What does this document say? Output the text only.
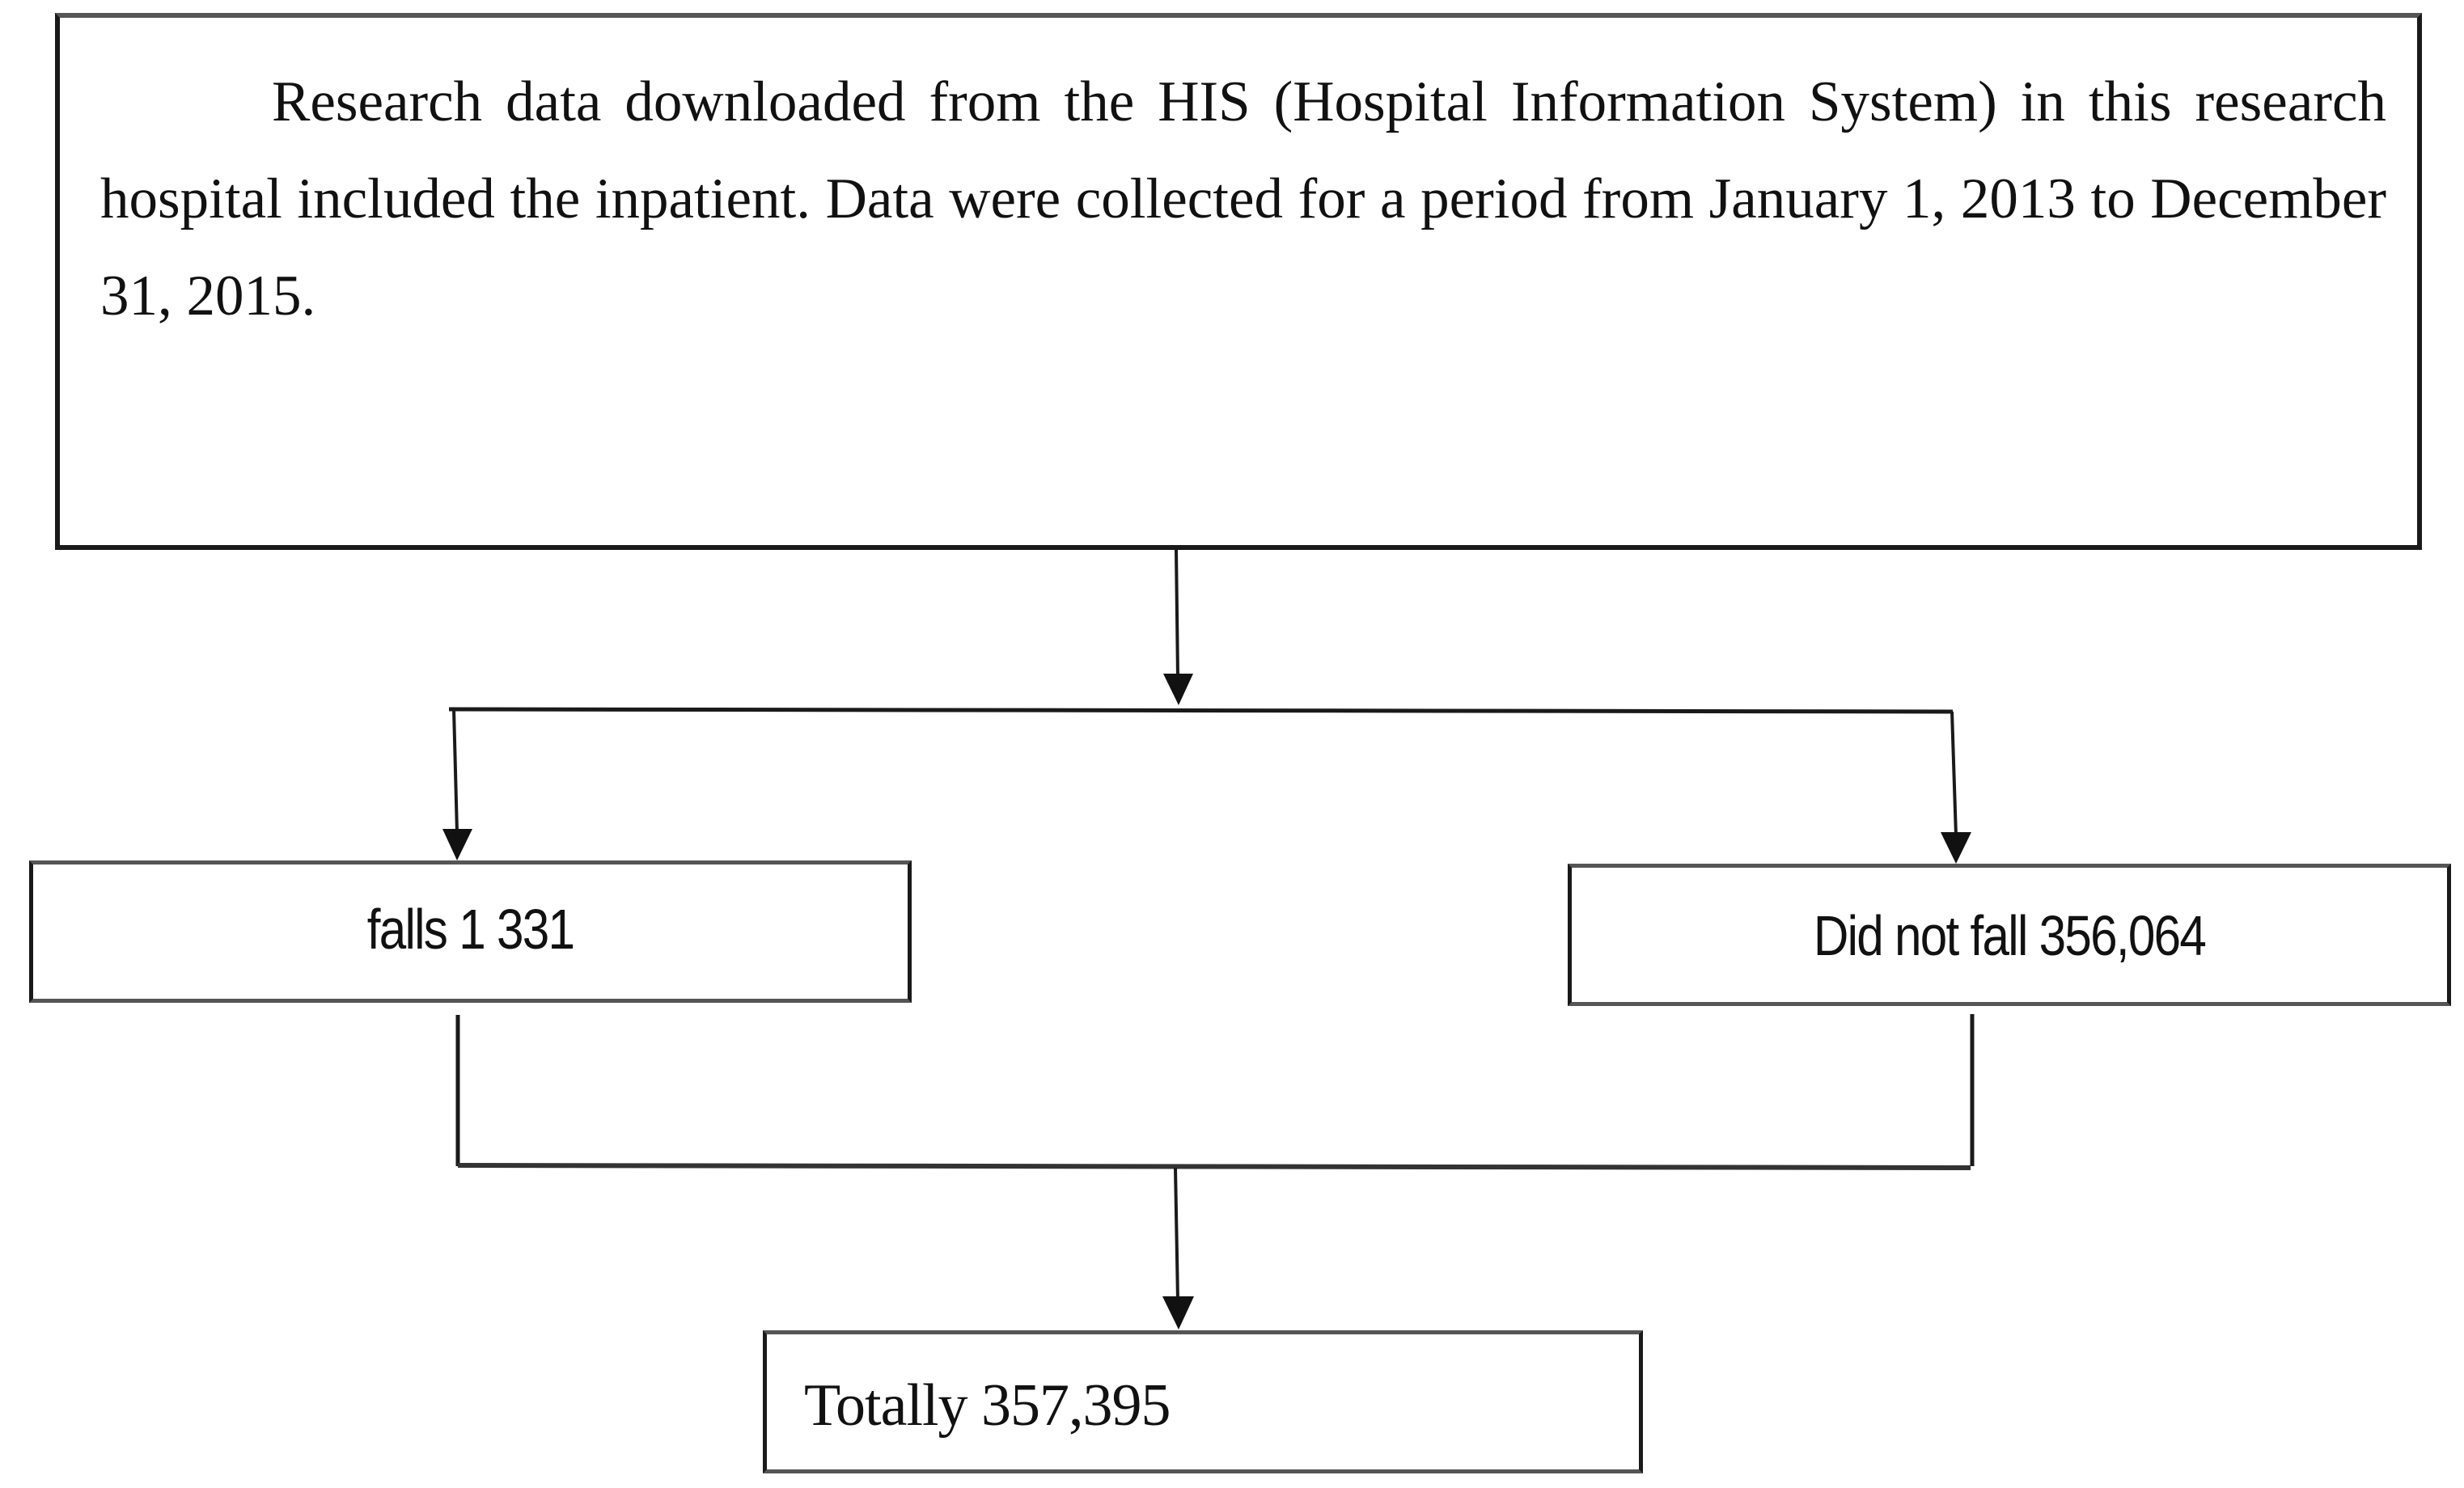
Research data downloaded from the HIS (Hospital Information System) in this research hospital included the inpatient. Data were collected for a period from January 1, 2013 to December 31, 2015.

falls 1 331	Did not fall 356,064
Totally 357,395
